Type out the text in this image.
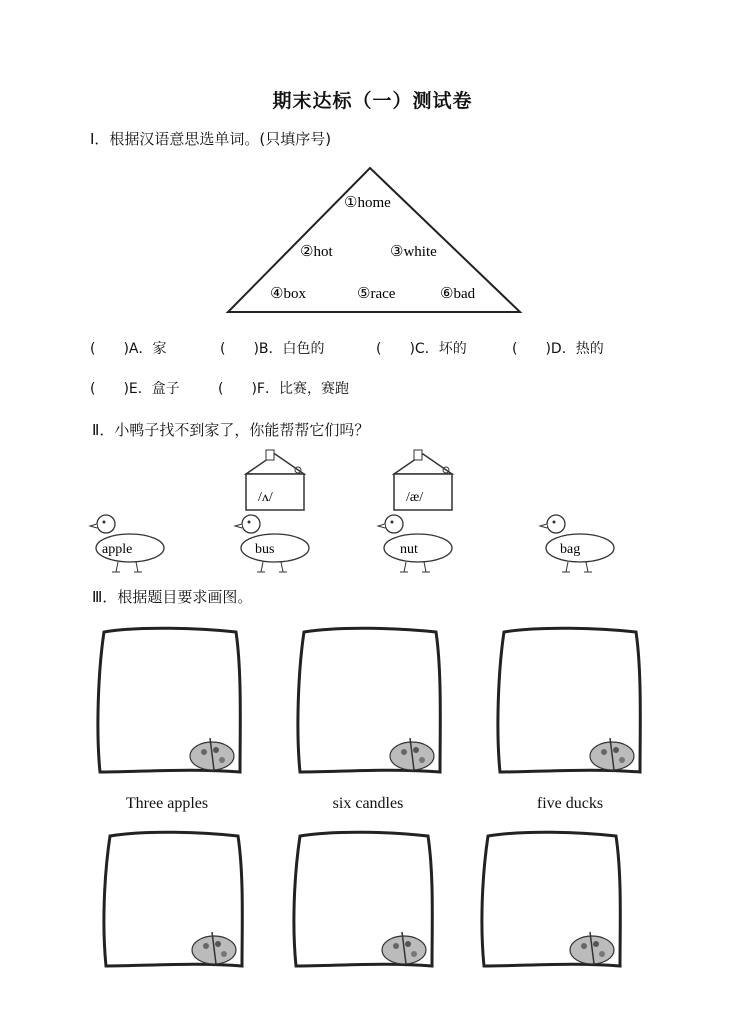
期末达标（一）测试卷
I．根据汉语意思选单词。(只填序号)
①home
②hot	③white
④box	⑤race	⑥bad
(　　)A．家	(　　)B．白色的	(　　)C．坏的	(　　)D．热的
(　　)E．盒子	(　　)F．比赛，赛跑
Ⅱ．小鸭子找不到家了，你能帮帮它们吗？
/ʌ/	/æ/
apple	bus	nut	bag
Ⅲ．根据题目要求画图。
Three apples	six candles	five ducks
